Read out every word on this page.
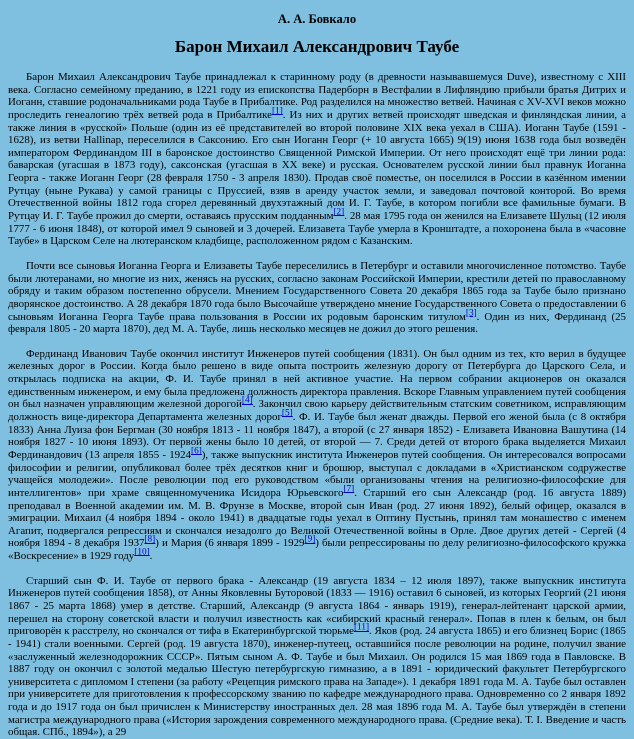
А. А. Бовкало
Барон Михаил Александрович Таубе

Барон Михаил Александрович Таубе принадлежал к старинному роду (в древности называвшемуся Duve), известному с XIII века. Согласно семейному преданию, в 1221 году из епископства Падерборн в Вестфалии в Лифляндию прибыли братья Дитрих и Иоганн, ставшие родоначальниками рода Таубе в Прибалтике. Род разделился на множество ветвей. Начиная с XV-XVI веков можно проследить генеалогию трёх ветвей рода в Прибалтике[1]. Из них и других ветвей происходят шведская и финляндская линии, а также линия в «русской» Польше (один из её представителей во второй половине XIX века уехал в США). Иоганн Таубе (1591 - 1628), из ветви Hallinap, переселился в Саксонию. Его сын Иоганн Георг (+ 10 августа 1665) 9(19) июня 1638 года был возведён императором Фердинандом III в баронское достоинство Священной Римской Империи. От него происходят ещё три линии рода: баварская (угасшая в 1873 году), саксонская (угасшая в XX веке) и русская. Основателем русской линии был правнук Иоганна Георга - также Иоганн Георг (28 февраля 1750 - 3 апреля 1830). Продав своё поместье, он поселился в России в казённом имении Рутцау (ныне Рукава) у самой границы с Пруссией, взяв в аренду участок земли, и заведовал почтовой конторой. Во время Отечественной войны 1812 года сгорел деревянный двухэтажный дом И. Г. Таубе, в котором погибли все фамильные бумаги. В Рутцау И. Г. Таубе прожил до смерти, оставаясь прусским подданным[2]. 28 мая 1795 года он женился на Елизавете Шульц (12 июля 1777 - 6 июня 1848), от которой имел 9 сыновей и 3 дочерей. Елизавета Таубе умерла в Кронштадте, а похоронена была в «часовне Таубе» в Царском Селе на лютеранском кладбище, расположенном рядом с Казанским.

Почти все сыновья Иоганна Георга и Елизаветы Таубе переселились в Петербург и оставили многочисленное потомство. Таубе были лютеранами, но многие из них, женясь на русских, согласно законам Российской Империи, крестили детей по православному обряду и таким образом постепенно обрусели. Мнением Государственного Совета 20 декабря 1865 года за Таубе было признано дворянское достоинство. А 28 декабря 1870 года было Высочайше утверждено мнение Государственного Совета о предоставлении 6 сыновьям Иоганна Георга Таубе права пользования в России их родовым баронским титулом[3]. Один из них, Фердинанд (25 февраля 1805 - 20 марта 1870), дед М. А. Таубе, лишь несколько месяцев не дожил до этого решения.

Фердинанд Иванович Таубе окончил институт Инженеров путей сообщения (1831). Он был одним из тех, кто верил в будущее железных дорог в России. Когда было решено в виде опыта построить железную дорогу от Петербурга до Царского Села, и открылась подписка на акции, Ф. И. Таубе принял в ней активное участие. На первом собрании акционеров он оказался единственным инженером, и ему была предложена должность директора правления. Вскоре Главным управлением путей сообщения он был назначен управляющим железной дорогой[4]. Закончил свою карьеру действительным статским советником, исправляющим должность вице-директора Департамента железных дорог[5]. Ф. И. Таубе был женат дважды. Первой его женой была (с 8 октября 1833) Анна Луиза фон Бергман (30 ноября 1813 - 11 ноября 1847), а второй (с 27 января 1852) - Елизавета Ивановна Вашутина (14 ноября 1827 - 10 июня 1893). От первой жены было 10 детей, от второй — 7. Среди детей от второго брака выделяется Михаил Фердинандович (13 апреля 1855 - 1924[6]), также выпускник института Инженеров путей сообщения. Он интересовался вопросами философии и религии, опубликовал более трёх десятков книг и брошюр, выступал с докладами в «Христианском содружестве учащейся молодежи». После революции под его руководством «были организованы чтения на религиозно-философские для интеллигентов» при храме священномученика Исидора Юрьевского[7]. Старший его сын Александр (род. 16 августа 1889) преподавал в Военной академии им. М. В. Фрунзе в Москве, второй сын Иван (род. 27 июня 1892), белый офицер, оказался в эмиграции. Михаил (4 ноября 1894 - около 1941) в двадцатые годы уехал в Оптину Пустынь, принял там монашество с именем Агапит, подвергался репрессиям и скончался незадолго до Великой Отечественной войны в Орле. Двое других детей - Сергей (4 ноября 1894 - 8 декабря 1937[8]) и Мария (6 января 1899 - 1929[9]) были репрессированы по делу религиозно-философского кружка «Воскресение» в 1929 году[10].

Старший сын Ф. И. Таубе от первого брака - Александр (19 августа 1834 – 12 июля 1897), также выпускник института Инженеров путей сообщения 1858), от Анны Яковлевны Буторовой (1833 — 1916) оставил 6 сыновей, из которых Георгий (21 июня 1867 - 25 марта 1868) умер в детстве. Старший, Александр (9 августа 1864 - январь 1919), генерал-лейтенант царской армии, перешел на сторону советской власти и получил известность как «сибирский красный генерал». Попав в плен к белым, он был приговорён к расстрелу, но скончался от тифа в Екатеринбургской тюрьме[11]. Яков (род. 24 августа 1865) и его близнец Борис (1865 - 1941) стали военными. Сергей (род. 19 августа 1870), инженер-путеец, оставшийся после революции на родине, получил звание «заслуженный железнодорожник СССР». Пятым сыном А. Ф. Таубе и был Михаил. Он родился 15 мая 1869 года в Павловске. В 1887 году он окончил с золотой медалью Шестую петербургскую гимназию, а в 1891 - юридический факультет Петербургского университета с дипломом I степени (за работу «Рецепция римского права на Западе»). 1 декабря 1891 года М. А. Таубе был оставлен при университете для приготовления к профессорскому званию по кафедре международного права. Одновременно со 2 января 1892 года и до 1917 года он был причислен к Министерству иностранных дел. 28 мая 1896 года М. А. Таубе был утверждён в степени магистра международного права («История зарождения современного международного права. (Средние века). Т. I. Введение и часть общая. СПб., 1894»), а 29
